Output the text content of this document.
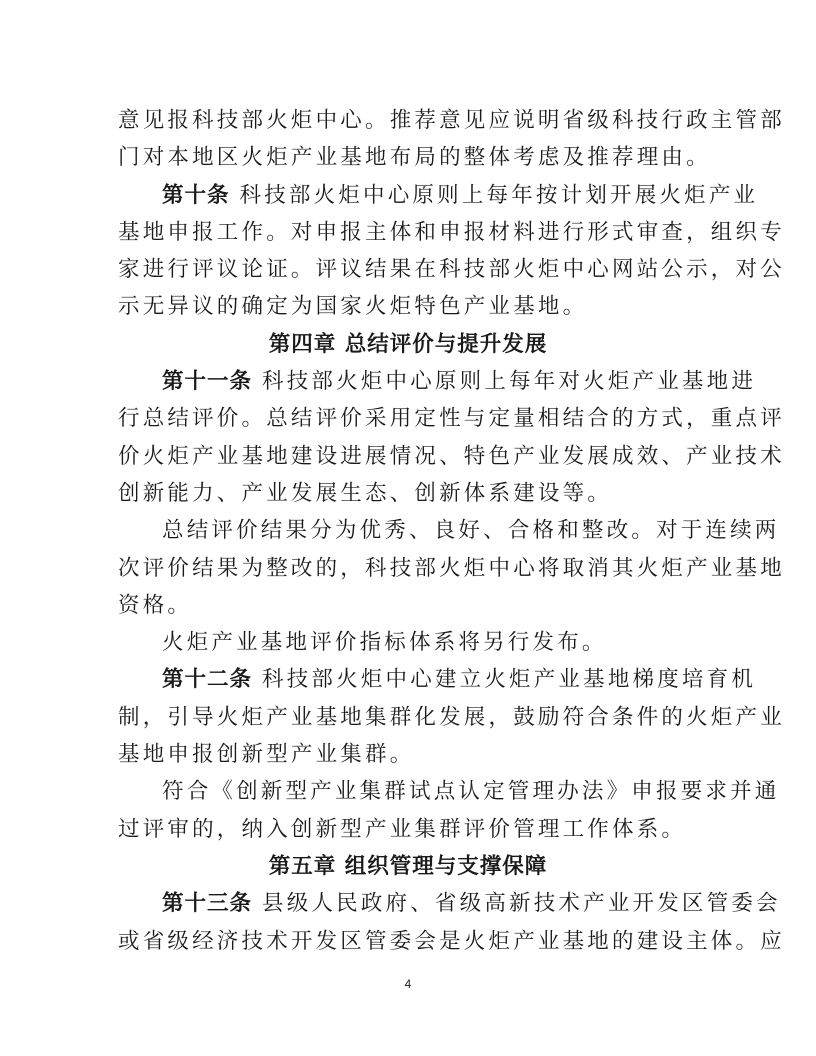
意见报科技部火炬中心。推荐意见应说明省级科技行政主管部
门对本地区火炬产业基地布局的整体考虑及推荐理由。
第十条 科技部火炬中心原则上每年按计划开展火炬产业
基地申报工作。对申报主体和申报材料进行形式审查，组织专
家进行评议论证。评议结果在科技部火炬中心网站公示，对公
示无异议的确定为国家火炬特色产业基地。
第四章 总结评价与提升发展
第十一条 科技部火炬中心原则上每年对火炬产业基地进
行总结评价。总结评价采用定性与定量相结合的方式，重点评
价火炬产业基地建设进展情况、特色产业发展成效、产业技术
创新能力、产业发展生态、创新体系建设等。
总结评价结果分为优秀、良好、合格和整改。对于连续两
次评价结果为整改的，科技部火炬中心将取消其火炬产业基地
资格。
火炬产业基地评价指标体系将另行发布。
第十二条 科技部火炬中心建立火炬产业基地梯度培育机
制，引导火炬产业基地集群化发展，鼓励符合条件的火炬产业
基地申报创新型产业集群。
符合《创新型产业集群试点认定管理办法》申报要求并通
过评审的，纳入创新型产业集群评价管理工作体系。
第五章 组织管理与支撑保障
第十三条 县级人民政府、省级高新技术产业开发区管委会
或省级经济技术开发区管委会是火炬产业基地的建设主体。应
4
